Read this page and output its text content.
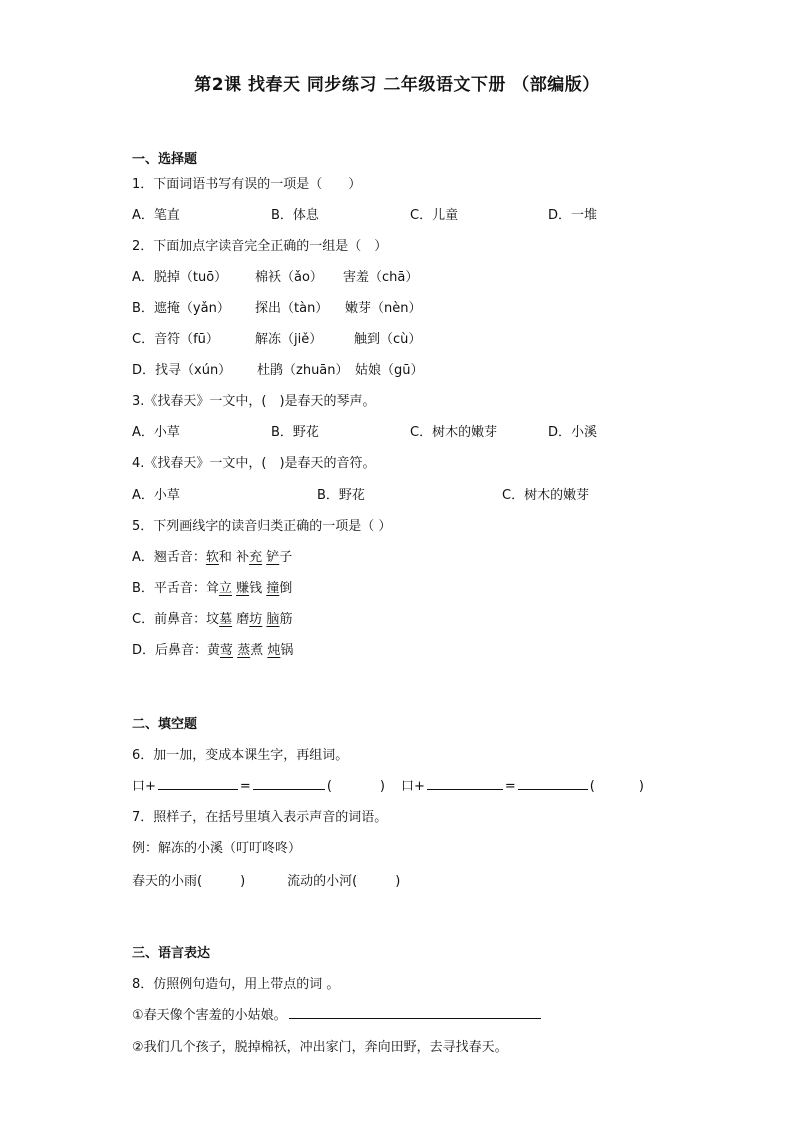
第2课 找春天 同步练习 二年级语文下册 （部编版）
一、选择题
1．下面词语书写有误的一项是（　　）
A．笔直	B．体息	C．儿童	D．一堆
2．下面加点字读音完全正确的一组是（　）
A．脱掉（tuō） 棉袄（ǎo） 害羞（chā）
B．遮掩（yǎn） 探出（tàn） 嫩芽（nèn）
C．音符（fū）	解冻（jiě） 触到（cù）
D．找寻（xún） 杜鹃（zhuān） 姑娘（gū）
3.《找春天》一文中，(　)是春天的琴声。
A．小草	B．野花	C．树木的嫩芽	D．小溪
4.《找春天》一文中，(　)是春天的音符。
A．小草	B．野花	C．树木的嫩芽
5．下列画线字的读音归类正确的一项是（ ）
A．翘舌音：软和 补充 铲子
B．平舌音：耸立 赚钱 撞倒
C．前鼻音：坟墓 磨坊 脑筋
D．后鼻音：黄莺 蒸煮 炖锅
二、填空题
6．加一加，变成本课生字，再组词。
口+	=	(	) 口+	=	(	)
7．照样子，在括号里填入表示声音的词语。
例：解冻的小溪（叮叮咚咚）
春天的小雨(	)	流动的小河(	)
三、语言表达
8．仿照例句造句，用上带点的词 。
①春天像个害羞的小姑娘。
②我们几个孩子，脱掉棉袄，冲出家门，奔向田野，去寻找春天。
